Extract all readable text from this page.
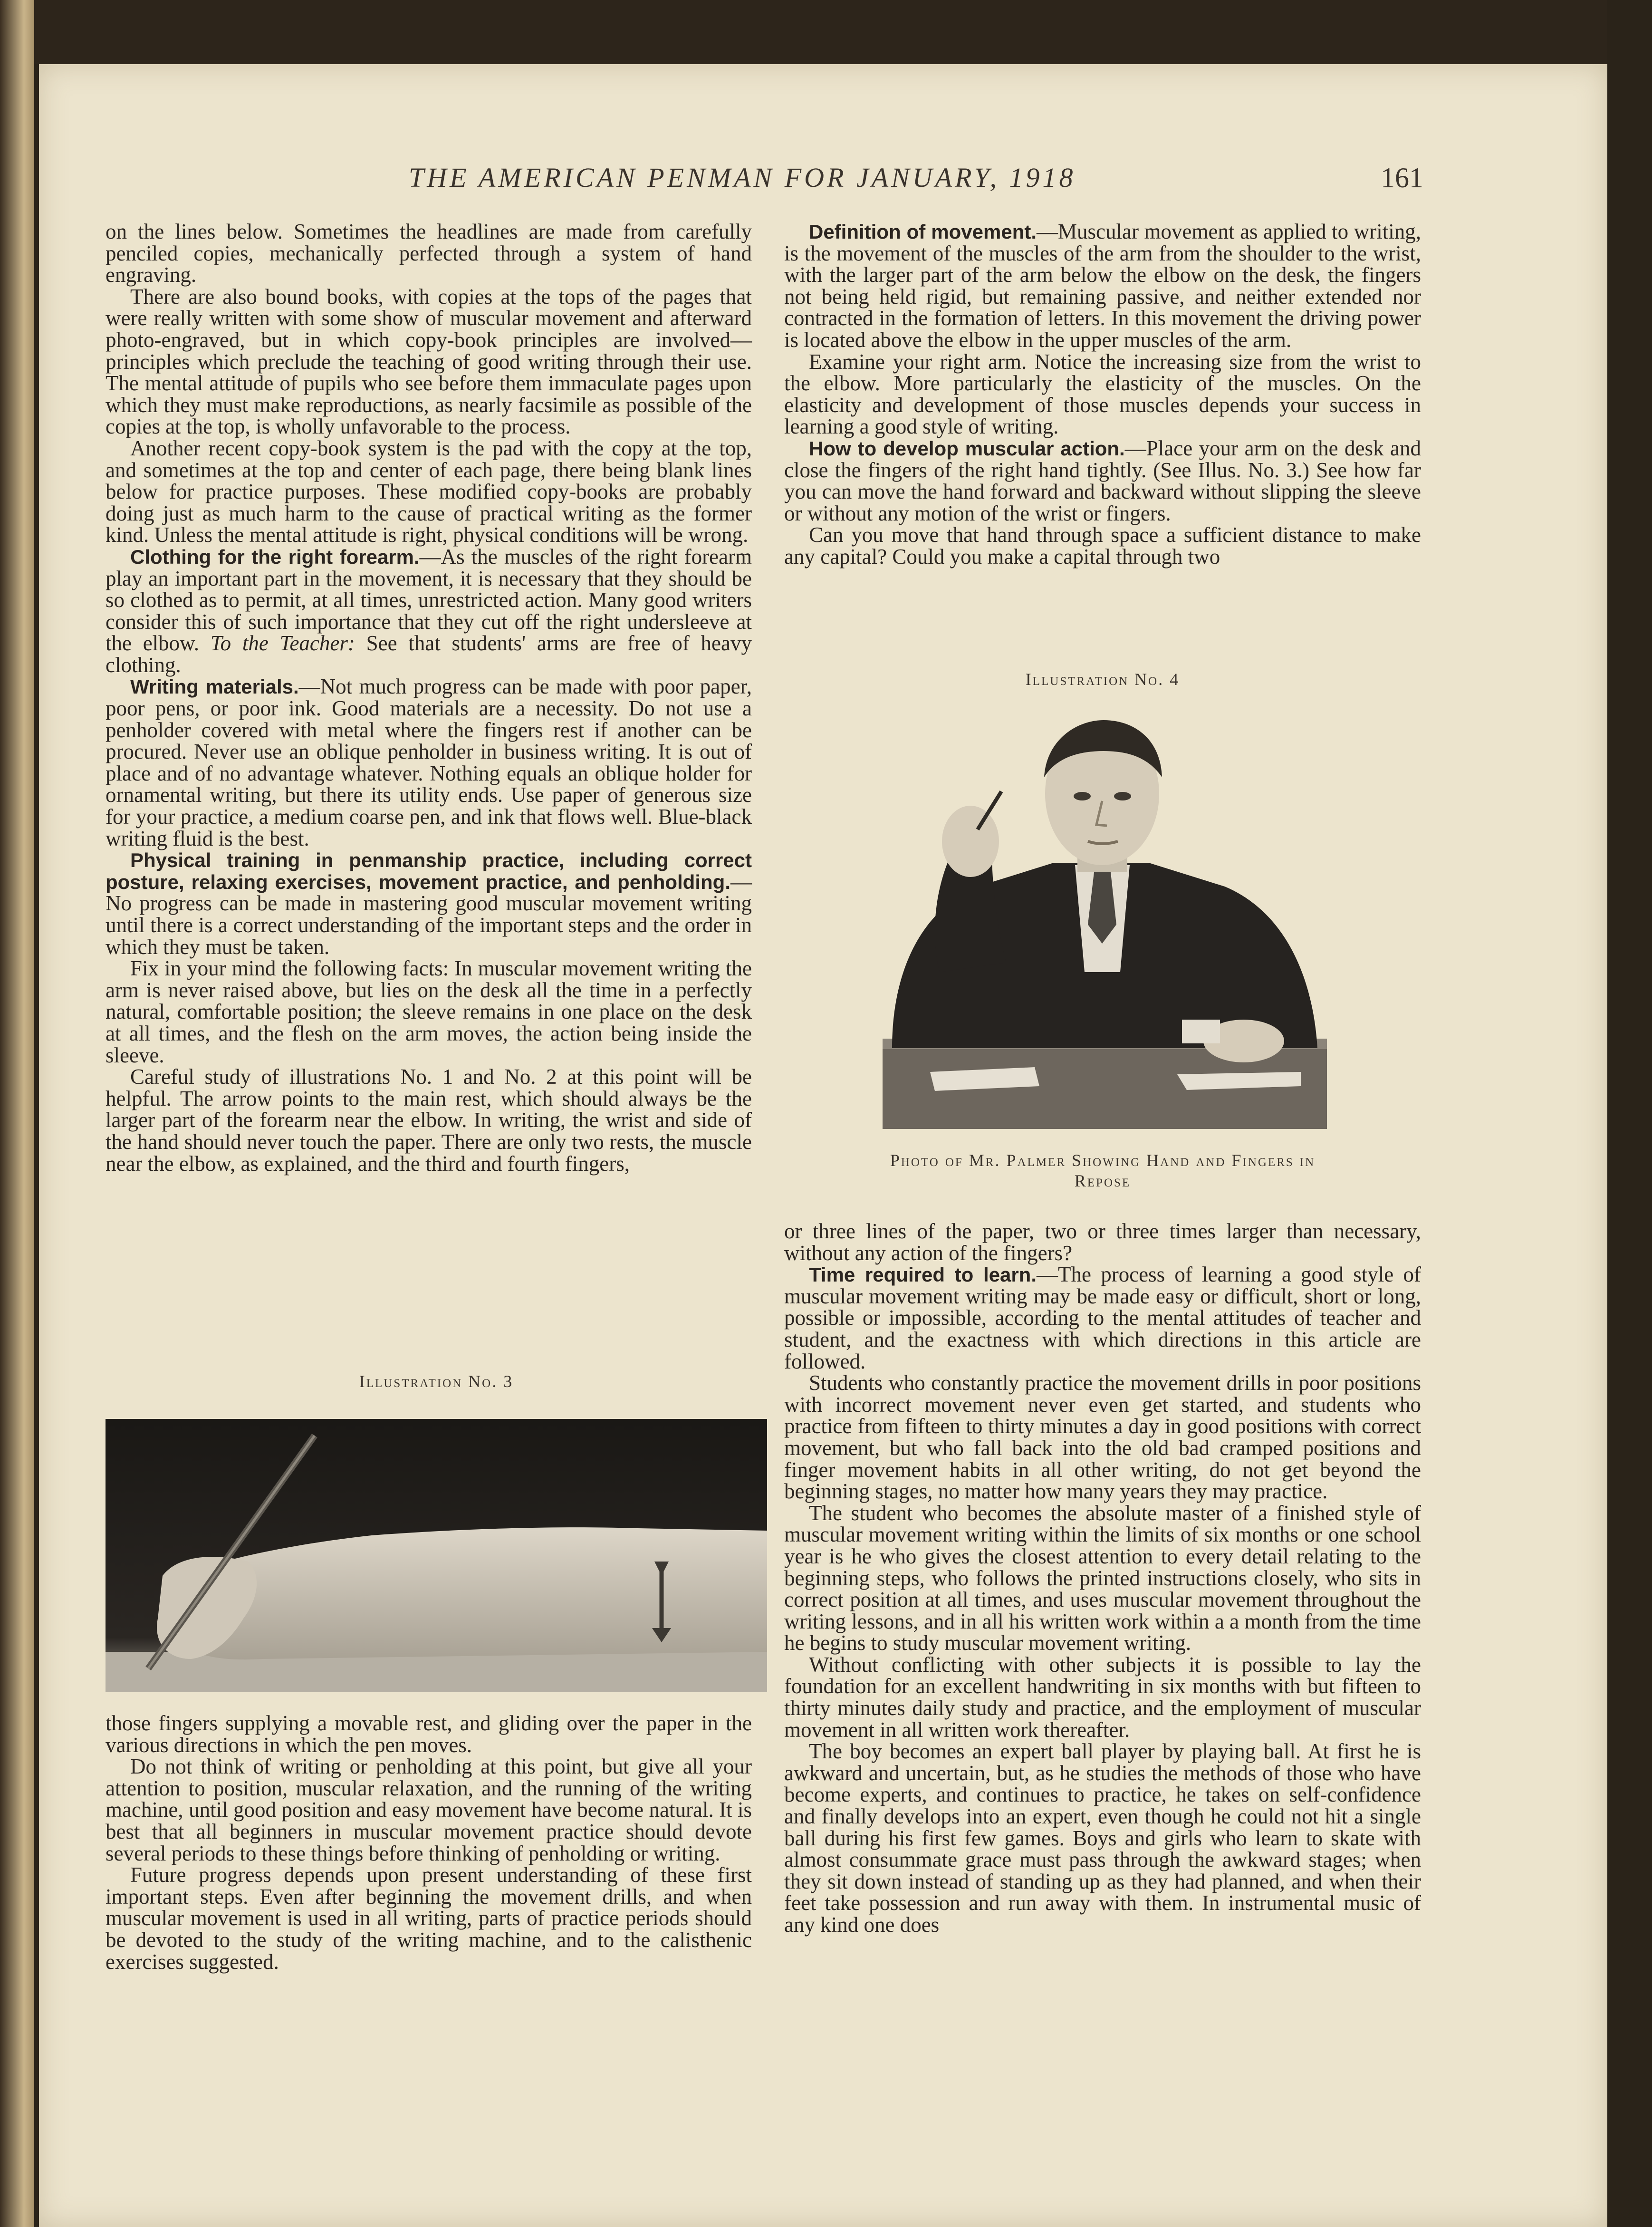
THE AMERICAN PENMAN FOR JANUARY, 1918	161

on the lines below. Sometimes the headlines are made from carefully penciled copies, mechanically perfected through a system of hand engraving.

There are also bound books, with copies at the tops of the pages that were really written with some show of muscular movement and afterward photo-engraved, but in which copy-book principles are involved—principles which preclude the teaching of good writing through their use. The mental attitude of pupils who see before them immaculate pages upon which they must make reproductions, as nearly facsimile as possible of the copies at the top, is wholly unfavorable to the process.

Another recent copy-book system is the pad with the copy at the top, and sometimes at the top and center of each page, there being blank lines below for practice purposes. These modified copy-books are probably doing just as much harm to the cause of practical writing as the former kind. Unless the mental attitude is right, physical conditions will be wrong.

Clothing for the right forearm.—As the muscles of the right forearm play an important part in the movement, it is necessary that they should be so clothed as to permit, at all times, unrestricted action. Many good writers consider this of such importance that they cut off the right undersleeve at the elbow. To the Teacher: See that students' arms are free of heavy clothing.

Writing materials.—Not much progress can be made with poor paper, poor pens, or poor ink. Good materials are a necessity. Do not use a penholder covered with metal where the fingers rest if another can be procured. Never use an oblique penholder in business writing. It is out of place and of no advantage whatever. Nothing equals an oblique holder for ornamental writing, but there its utility ends. Use paper of generous size for your practice, a medium coarse pen, and ink that flows well. Blue-black writing fluid is the best.

Physical training in penmanship practice, including correct posture, relaxing exercises, movement practice, and penholding.—No progress can be made in mastering good muscular movement writing until there is a correct understanding of the important steps and the order in which they must be taken.

Fix in your mind the following facts: In muscular movement writing the arm is never raised above, but lies on the desk all the time in a perfectly natural, comfortable position; the sleeve remains in one place on the desk at all times, and the flesh on the arm moves, the action being inside the sleeve.

Careful study of illustrations No. 1 and No. 2 at this point will be helpful. The arrow points to the main rest, which should always be the larger part of the forearm near the elbow. In writing, the wrist and side of the hand should never touch the paper. There are only two rests, the muscle near the elbow, as explained, and the third and fourth fingers,

Illustration No. 3

those fingers supplying a movable rest, and gliding over the paper in the various directions in which the pen moves.

Do not think of writing or penholding at this point, but give all your attention to position, muscular relaxation, and the running of the writing machine, until good position and easy movement have become natural. It is best that all beginners in muscular movement practice should devote several periods to these things before thinking of penholding or writing.

Future progress depends upon present understanding of these first important steps. Even after beginning the movement drills, and when muscular movement is used in all writing, parts of practice periods should be devoted to the study of the writing machine, and to the calisthenic exercises suggested.

Definition of movement.—Muscular movement as applied to writing, is the movement of the muscles of the arm from the shoulder to the wrist, with the larger part of the arm below the elbow on the desk, the fingers not being held rigid, but remaining passive, and neither extended nor contracted in the formation of letters. In this movement the driving power is located above the elbow in the upper muscles of the arm.

Examine your right arm. Notice the increasing size from the wrist to the elbow. More particularly the elasticity of the muscles. On the elasticity and development of those muscles depends your success in learning a good style of writing.

How to develop muscular action.—Place your arm on the desk and close the fingers of the right hand tightly. (See Illus. No. 3.) See how far you can move the hand forward and backward without slipping the sleeve or without any motion of the wrist or fingers.

Can you move that hand through space a sufficient distance to make any capital? Could you make a capital through two

Illustration No. 4
Photo of Mr. Palmer Showing Hand and Fingers in
Repose

or three lines of the paper, two or three times larger than necessary, without any action of the fingers?

Time required to learn.—The process of learning a good style of muscular movement writing may be made easy or difficult, short or long, possible or impossible, according to the mental attitudes of teacher and student, and the exactness with which directions in this article are followed.

Students who constantly practice the movement drills in poor positions with incorrect movement never even get started, and students who practice from fifteen to thirty minutes a day in good positions with correct movement, but who fall back into the old bad cramped positions and finger movement habits in all other writing, do not get beyond the beginning stages, no matter how many years they may practice.

The student who becomes the absolute master of a finished style of muscular movement writing within the limits of six months or one school year is he who gives the closest attention to every detail relating to the beginning steps, who follows the printed instructions closely, who sits in correct position at all times, and uses muscular movement throughout the writing lessons, and in all his written work within a a month from the time he begins to study muscular movement writing.

Without conflicting with other subjects it is possible to lay the foundation for an excellent handwriting in six months with but fifteen to thirty minutes daily study and practice, and the employment of muscular movement in all written work thereafter.

The boy becomes an expert ball player by playing ball. At first he is awkward and uncertain, but, as he studies the methods of those who have become experts, and continues to practice, he takes on self-confidence and finally develops into an expert, even though he could not hit a single ball during his first few games. Boys and girls who learn to skate with almost consummate grace must pass through the awkward stages; when they sit down instead of standing up as they had planned, and when their feet take possession and run away with them. In instrumental music of any kind one does
